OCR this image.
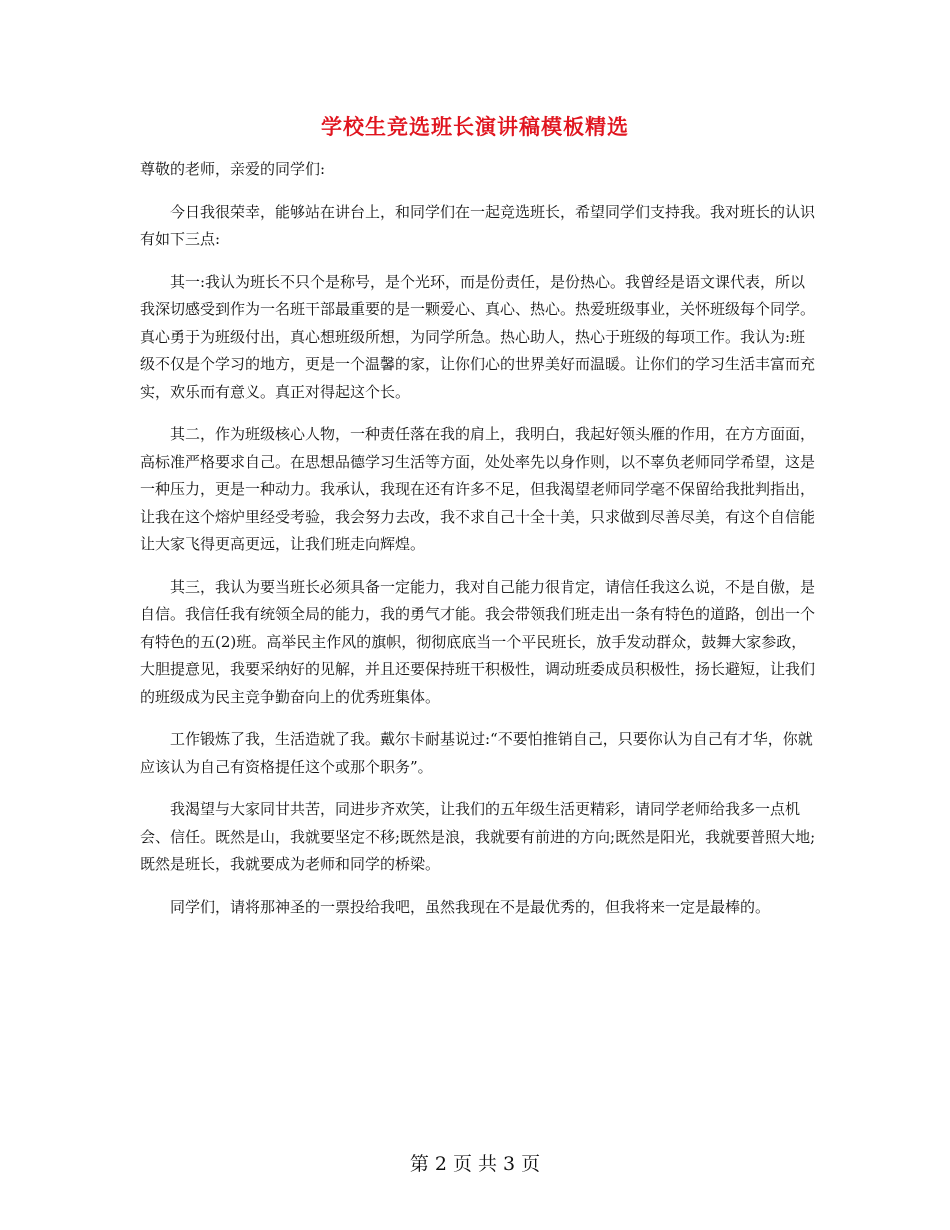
学校生竞选班长演讲稿模板精选

尊敬的老师，亲爱的同学们:

今日我很荣幸，能够站在讲台上，和同学们在一起竞选班长，希望同学们支持我。我对班长的认识有如下三点:

其一:我认为班长不只个是称号，是个光环，而是份责任，是份热心。我曾经是语文课代表，所以我深切感受到作为一名班干部最重要的是一颗爱心、真心、热心。热爱班级事业，关怀班级每个同学。真心勇于为班级付出，真心想班级所想，为同学所急。热心助人，热心于班级的每项工作。我认为:班级不仅是个学习的地方，更是一个温馨的家，让你们心的世界美好而温暖。让你们的学习生活丰富而充实，欢乐而有意义。真正对得起这个长。

其二，作为班级核心人物，一种责任落在我的肩上，我明白，我起好领头雁的作用，在方方面面，高标准严格要求自己。在思想品德学习生活等方面，处处率先以身作则，以不辜负老师同学希望，这是一种压力，更是一种动力。我承认，我现在还有许多不足，但我渴望老师同学毫不保留给我批判指出，让我在这个熔炉里经受考验，我会努力去改，我不求自己十全十美，只求做到尽善尽美，有这个自信能让大家飞得更高更远，让我们班走向辉煌。

其三，我认为要当班长必须具备一定能力，我对自己能力很肯定，请信任我这么说，不是自傲，是自信。我信任我有统领全局的能力，我的勇气才能。我会带领我们班走出一条有特色的道路，创出一个有特色的五(2)班。高举民主作风的旗帜，彻彻底底当一个平民班长，放手发动群众，鼓舞大家参政，大胆提意见，我要采纳好的见解，并且还要保持班干积极性，调动班委成员积极性，扬长避短，让我们的班级成为民主竞争勤奋向上的优秀班集体。

工作锻炼了我，生活造就了我。戴尔卡耐基说过:“不要怕推销自己，只要你认为自己有才华，你就应该认为自己有资格提任这个或那个职务”。

我渴望与大家同甘共苦，同进步齐欢笑，让我们的五年级生活更精彩，请同学老师给我多一点机会、信任。既然是山，我就要坚定不移;既然是浪，我就要有前进的方向;既然是阳光，我就要普照大地;既然是班长，我就要成为老师和同学的桥梁。

同学们，请将那神圣的一票投给我吧，虽然我现在不是最优秀的，但我将来一定是最棒的。

第 2 页 共 3 页
